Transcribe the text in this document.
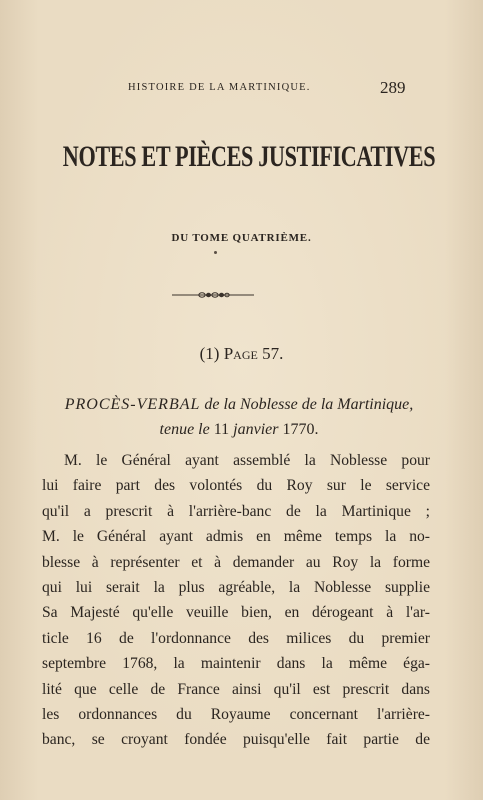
HISTOIRE DE LA MARTINIQUE.	289
NOTES ET PIÈCES JUSTIFICATIVES
DU TOME QUATRIÈME.
(1) Page 57.
PROCÈS-VERBAL de la Noblesse de la Martinique,
tenue le 11 janvier 1770.
M. le Général ayant assemblé la Noblesse pour
lui faire part des volontés du Roy sur le service
qu'il a prescrit à l'arrière-banc de la Martinique ;
M. le Général ayant admis en même temps la no-
blesse à représenter et à demander au Roy la forme
qui lui serait la plus agréable, la Noblesse supplie
Sa Majesté qu'elle veuille bien, en dérogeant à l'ar-
ticle 16 de l'ordonnance des milices du premier
septembre 1768, la maintenir dans la même éga-
lité que celle de France ainsi qu'il est prescrit dans
les ordonnances du Royaume concernant l'arrière-
banc, se croyant fondée puisqu'elle fait partie de
